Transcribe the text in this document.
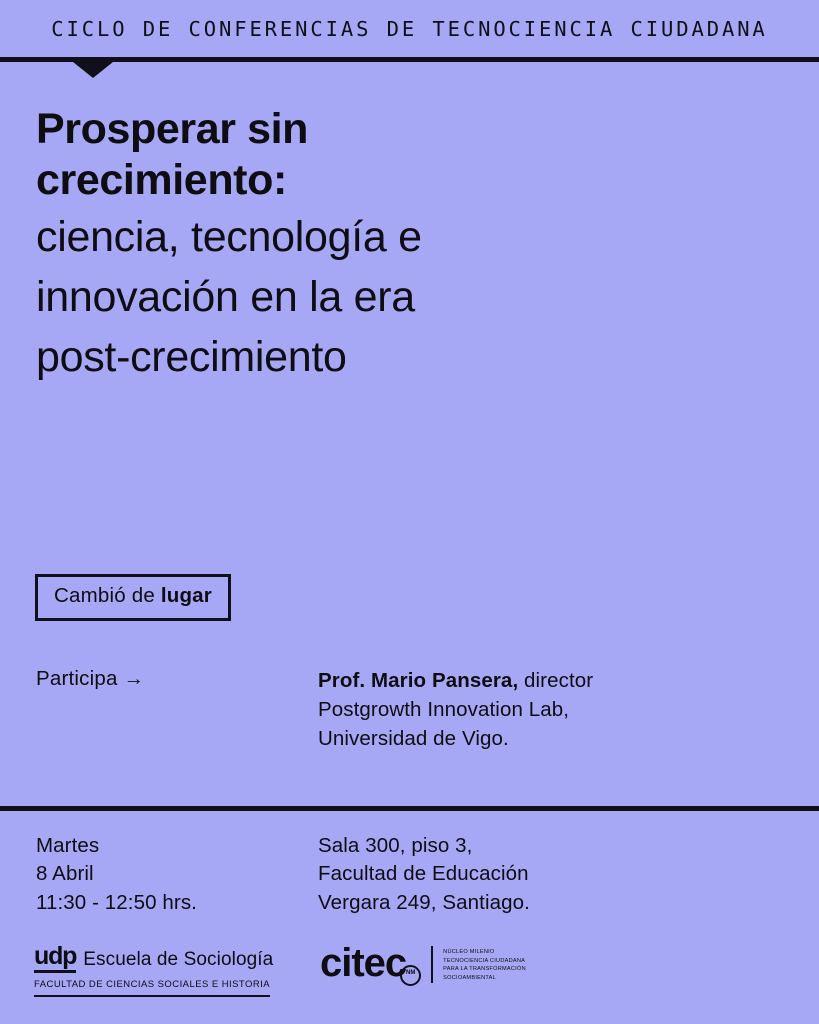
CICLO DE CONFERENCIAS DE TECNOCIENCIA CIUDADANA
Prosperar sin
crecimiento:
ciencia, tecnología e
innovación en la era
post-crecimiento
Cambió de lugar
Participa →	Prof. Mario Pansera, director
Postgrowth Innovation Lab,
Universidad de Vigo.
Martes
8 Abril
11:30 - 12:50 hrs.
Sala 300, piso 3,
Facultad de Educación
Vergara 249, Santiago.
udp Escuela de Sociología
FACULTAD DE CIENCIAS SOCIALES E HISTORIA	citecNM
NÚCLEO MILENIO
TECNOCIENCIA CIUDADANA
PARA LA TRANSFORMACIÓN
SOCIOAMBIENTAL
